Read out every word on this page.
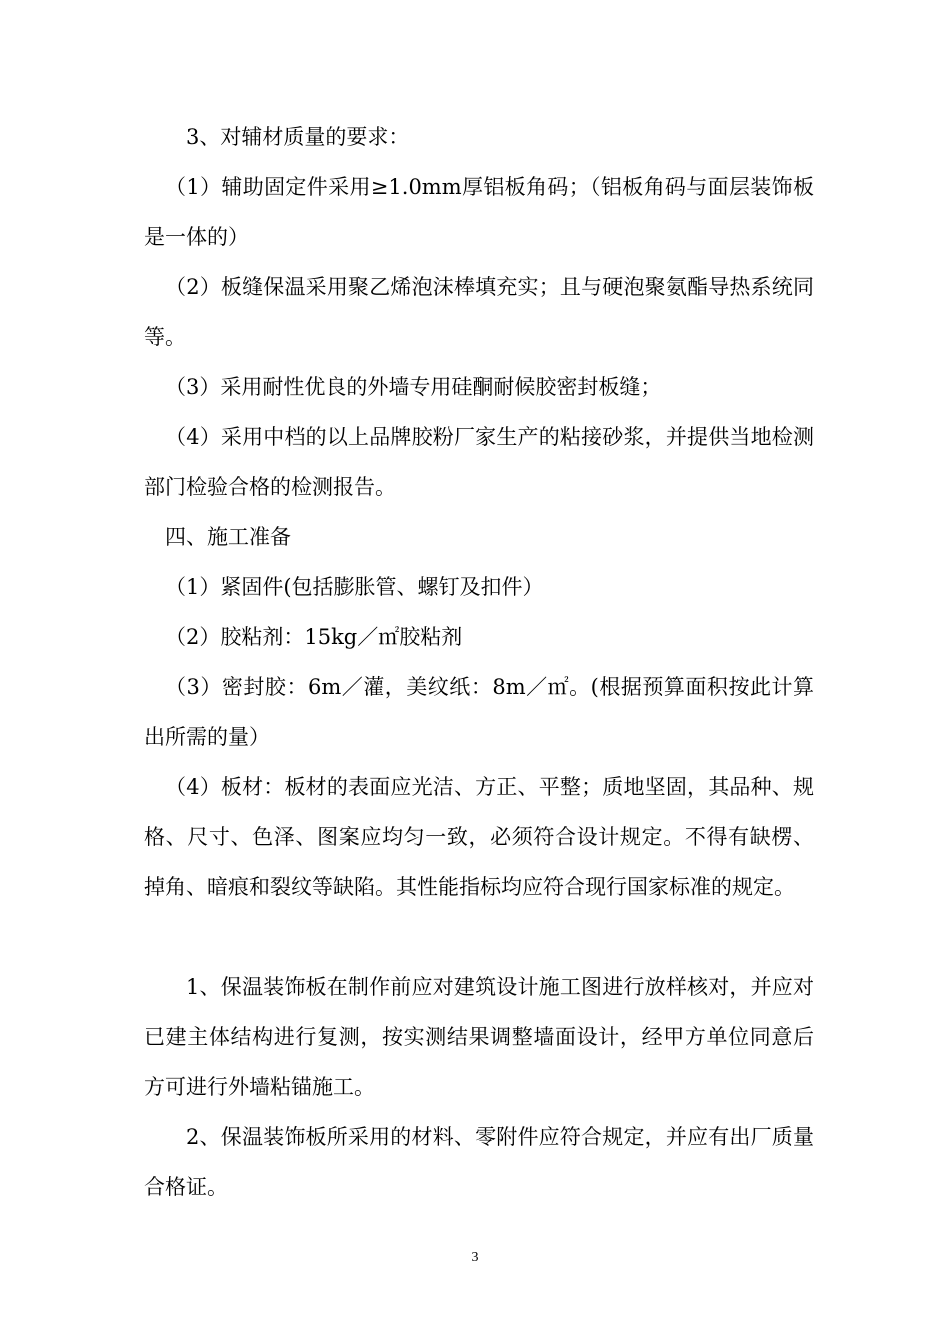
3、对辅材质量的要求：

（1）辅助固定件采用≥1.0mm厚铝板角码；（铝板角码与面层装饰板是一体的）

（2）板缝保温采用聚乙烯泡沫棒填充实；且与硬泡聚氨酯导热系统同等。

（3）采用耐性优良的外墙专用硅酮耐候胶密封板缝；

（4）采用中档的以上品牌胶粉厂家生产的粘接砂浆，并提供当地检测部门检验合格的检测报告。

四、施工准备

（1）紧固件(包括膨胀管、螺钉及扣件）

（2）胶粘剂：15kg／㎡胶粘剂

（3）密封胶：6m／灌，美纹纸：8m／㎡。(根据预算面积按此计算出所需的量）

（4）板材：板材的表面应光洁、方正、平整；质地坚固，其品种、规格、尺寸、色泽、图案应均匀一致，必须符合设计规定。不得有缺楞、掉角、暗痕和裂纹等缺陷。其性能指标均应符合现行国家标准的规定。

1、保温装饰板在制作前应对建筑设计施工图进行放样核对，并应对已建主体结构进行复测，按实测结果调整墙面设计，经甲方单位同意后方可进行外墙粘锚施工。

2、保温装饰板所采用的材料、零附件应符合规定，并应有出厂质量合格证。

3
